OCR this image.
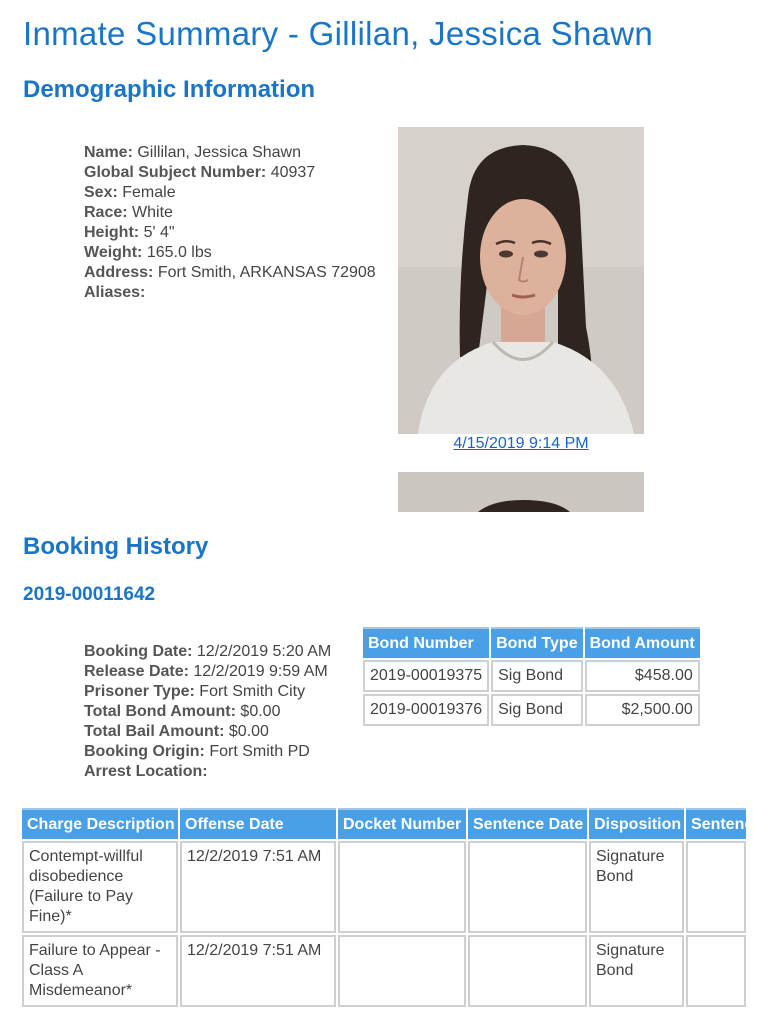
Inmate Summary - Gillilan, Jessica Shawn
Demographic Information
Name: Gillilan, Jessica Shawn
Global Subject Number: 40937
Sex: Female
Race: White
Height: 5' 4"
Weight: 165.0 lbs
Address: Fort Smith, ARKANSAS 72908
Aliases:
4/15/2019 9:14 PM
Booking History
2019-00011642
Booking Date: 12/2/2019 5:20 AM
Release Date: 12/2/2019 9:59 AM
Prisoner Type: Fort Smith City
Total Bond Amount: $0.00
Total Bail Amount: $0.00
Booking Origin: Fort Smith PD
Arrest Location:
Bond Number	Bond Type	Bond Amount
2019-00019375	Sig Bond	$458.00
2019-00019376	Sig Bond	$2,500.00
Charge Description	Offense Date	Docket Number	Sentence Date	Disposition	Sentence
Contempt-willful disobedience (Failure to Pay Fine)*	12/2/2019 7:51 AM			Signature Bond	
Failure to Appear - Class A Misdemeanor*	12/2/2019 7:51 AM			Signature Bond	
